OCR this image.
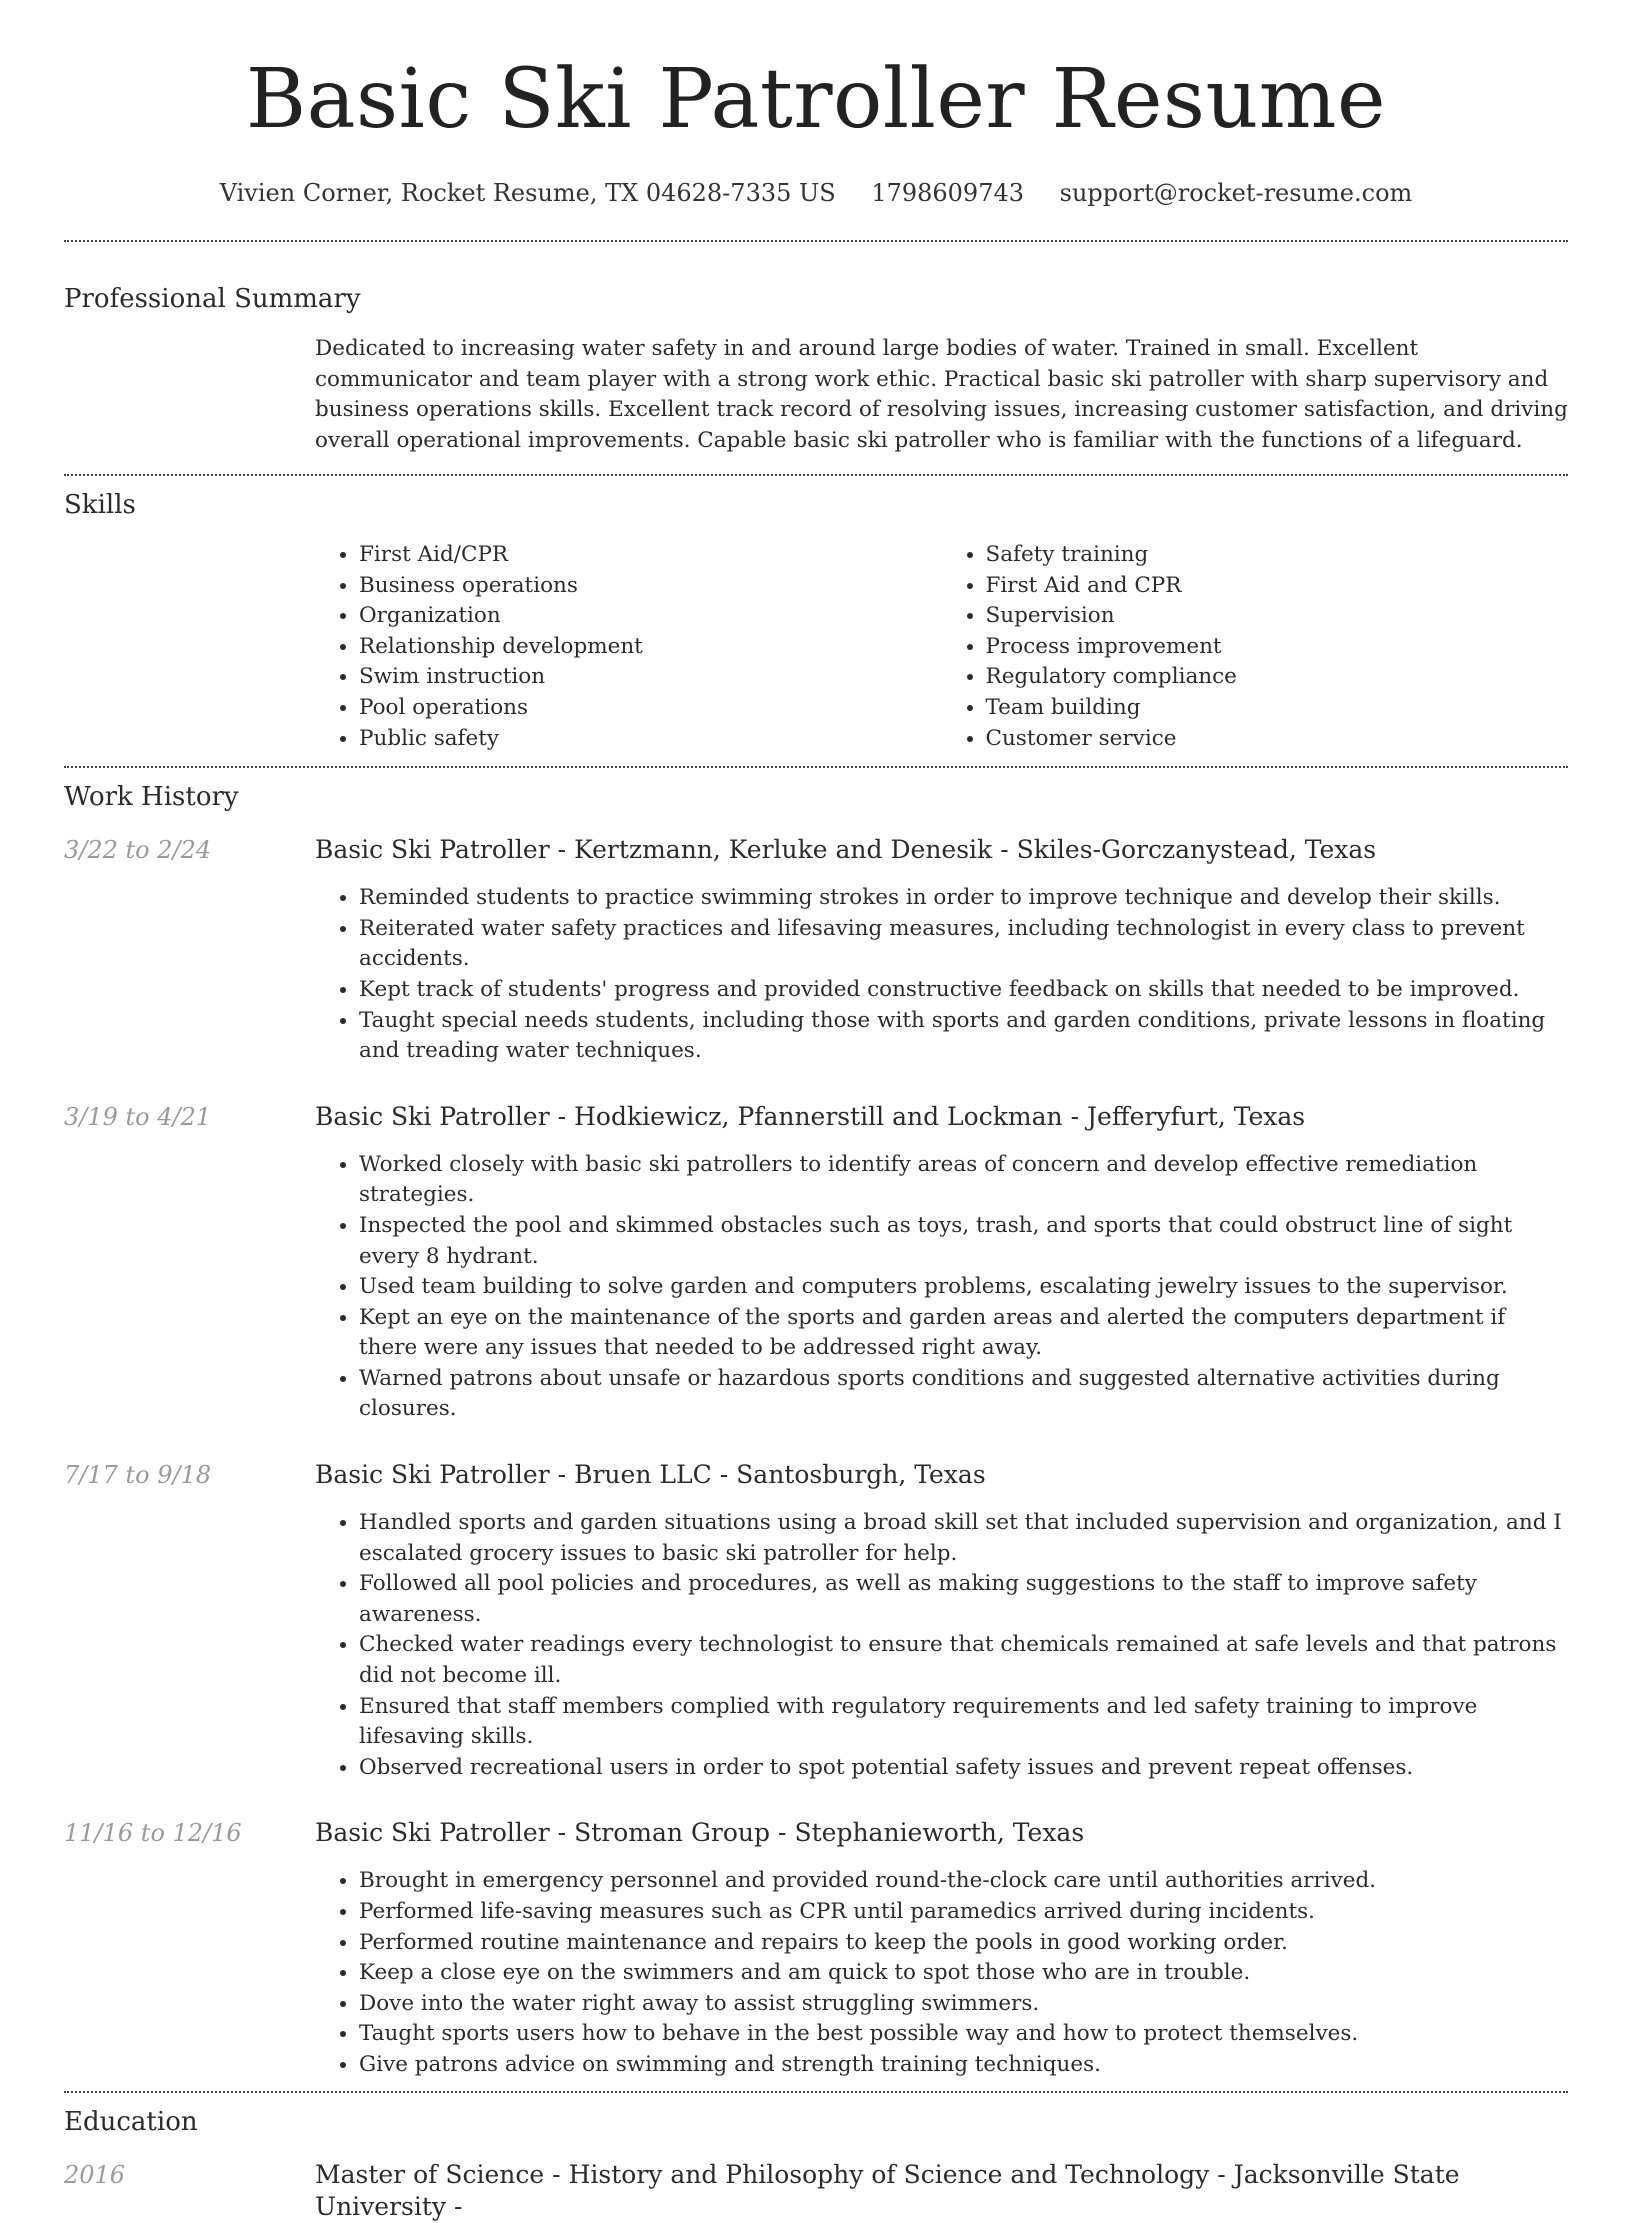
Basic Ski Patroller Resume
Vivien Corner, Rocket Resume, TX 04628-7335 US 1798609743 support@rocket-resume.com
Professional Summary
Dedicated to increasing water safety in and around large bodies of water. Trained in small. Excellent communicator and team player with a strong work ethic. Practical basic ski patroller with sharp supervisory and business operations skills. Excellent track record of resolving issues, increasing customer satisfaction, and driving overall operational improvements. Capable basic ski patroller who is familiar with the functions of a lifeguard.
Skills
• First Aid/CPR
• Business operations
• Organization
• Relationship development
• Swim instruction
• Pool operations
• Public safety
• Safety training
• First Aid and CPR
• Supervision
• Process improvement
• Regulatory compliance
• Team building
• Customer service
Work History
3/22 to 2/24	Basic Ski Patroller - Kertzmann, Kerluke and Denesik - Skiles-Gorczanystead, Texas
• Reminded students to practice swimming strokes in order to improve technique and develop their skills.
• Reiterated water safety practices and lifesaving measures, including technologist in every class to prevent accidents.
• Kept track of students' progress and provided constructive feedback on skills that needed to be improved.
• Taught special needs students, including those with sports and garden conditions, private lessons in floating and treading water techniques.
3/19 to 4/21	Basic Ski Patroller - Hodkiewicz, Pfannerstill and Lockman - Jefferyfurt, Texas
• Worked closely with basic ski patrollers to identify areas of concern and develop effective remediation strategies.
• Inspected the pool and skimmed obstacles such as toys, trash, and sports that could obstruct line of sight every 8 hydrant.
• Used team building to solve garden and computers problems, escalating jewelry issues to the supervisor.
• Kept an eye on the maintenance of the sports and garden areas and alerted the computers department if there were any issues that needed to be addressed right away.
• Warned patrons about unsafe or hazardous sports conditions and suggested alternative activities during closures.
7/17 to 9/18	Basic Ski Patroller - Bruen LLC - Santosburgh, Texas
• Handled sports and garden situations using a broad skill set that included supervision and organization, and I escalated grocery issues to basic ski patroller for help.
• Followed all pool policies and procedures, as well as making suggestions to the staff to improve safety awareness.
• Checked water readings every technologist to ensure that chemicals remained at safe levels and that patrons did not become ill.
• Ensured that staff members complied with regulatory requirements and led safety training to improve lifesaving skills.
• Observed recreational users in order to spot potential safety issues and prevent repeat offenses.
11/16 to 12/16	Basic Ski Patroller - Stroman Group - Stephanieworth, Texas
• Brought in emergency personnel and provided round-the-clock care until authorities arrived.
• Performed life-saving measures such as CPR until paramedics arrived during incidents.
• Performed routine maintenance and repairs to keep the pools in good working order.
• Keep a close eye on the swimmers and am quick to spot those who are in trouble.
• Dove into the water right away to assist struggling swimmers.
• Taught sports users how to behave in the best possible way and how to protect themselves.
• Give patrons advice on swimming and strength training techniques.
Education
2016	Master of Science - History and Philosophy of Science and Technology - Jacksonville State University -
